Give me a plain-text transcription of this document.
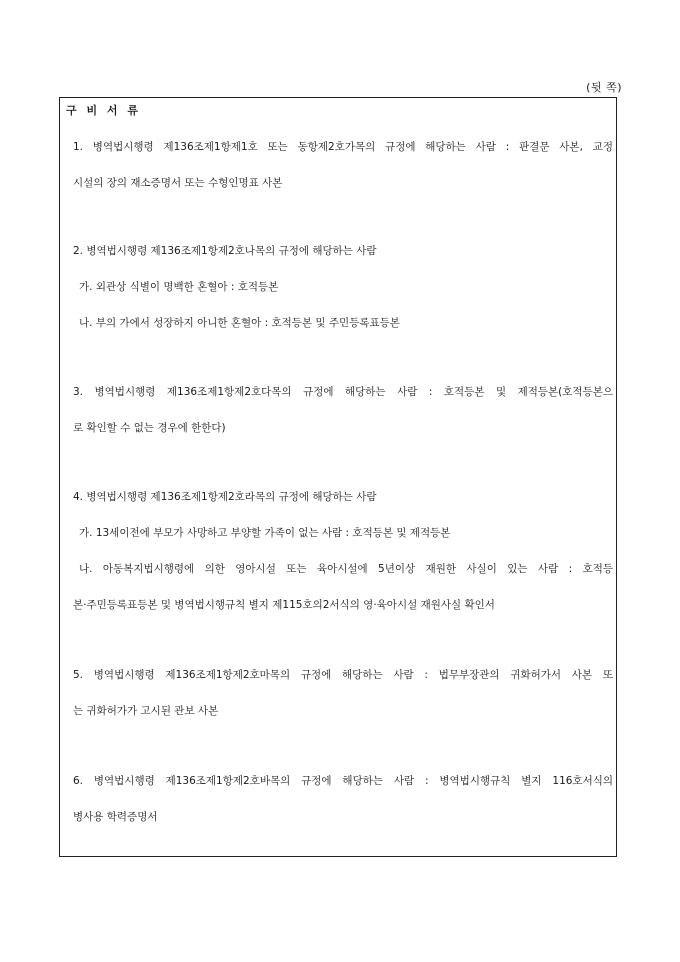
(뒷 쪽)
구 비 서 류
1. 병역법시행령 제136조제1항제1호 또는 동항제2호가목의 규정에 해당하는 사람 : 판결문 사본, 교정
시설의 장의 재소증명서 또는 수형인명표 사본
2. 병역법시행령 제136조제1항제2호나목의 규정에 해당하는 사람
가. 외관상 식별이 명백한 혼혈아 : 호적등본
나. 부의 가에서 성장하지 아니한 혼혈아 : 호적등본 및 주민등록표등본
3. 병역법시행령 제136조제1항제2호다목의 규정에 해당하는 사람 : 호적등본 및 제적등본(호적등본으
로 확인할 수 없는 경우에 한한다)
4. 병역법시행령 제136조제1항제2호라목의 규정에 해당하는 사람
가. 13세이전에 부모가 사망하고 부양할 가족이 없는 사람 : 호적등본 및 제적등본
나. 아동복지법시행령에 의한 영아시설 또는 육아시설에 5년이상 재원한 사실이 있는 사람 : 호적등
본·주민등록표등본 및 병역법시행규칙 별지 제115호의2서식의 영·육아시설 재원사실 확인서
5. 병역법시행령 제136조제1항제2호마목의 규정에 해당하는 사람 : 법무부장관의 귀화허가서 사본 또
는 귀화허가가 고시된 관보 사본
6. 병역법시행령 제136조제1항제2호바목의 규정에 해당하는 사람 : 병역법시행규칙 별지 116호서식의
병사용 학력증명서
